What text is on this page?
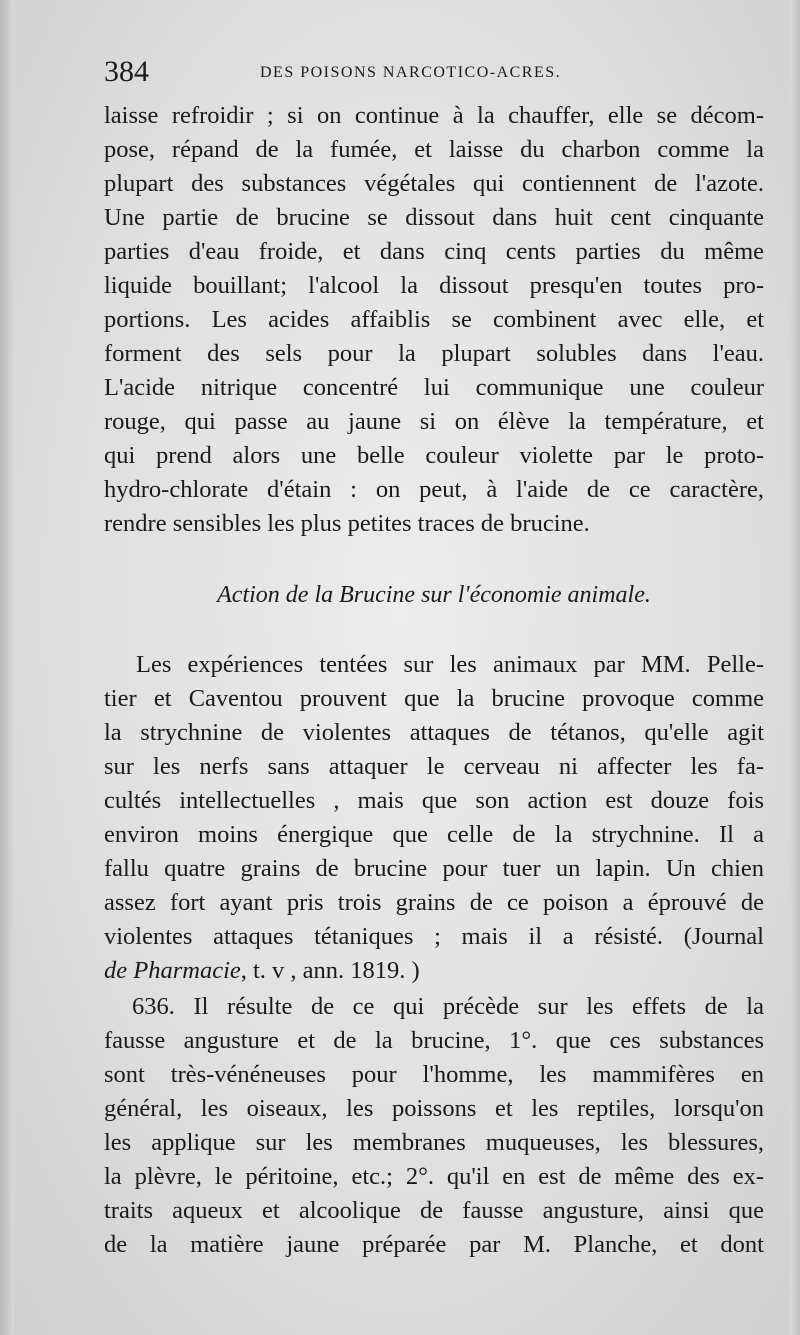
384	DES POISONS NARCOTICO-ACRES.
laisse refroidir ; si on continue à la chauffer, elle se décom-
pose, répand de la fumée, et laisse du charbon comme la
plupart des substances végétales qui contiennent de l'azote.
Une partie de brucine se dissout dans huit cent cinquante
parties d'eau froide, et dans cinq cents parties du même
liquide bouillant; l'alcool la dissout presqu'en toutes pro-
portions. Les acides affaiblis se combinent avec elle, et
forment des sels pour la plupart solubles dans l'eau.
L'acide nitrique concentré lui communique une couleur
rouge, qui passe au jaune si on élève la température, et
qui prend alors une belle couleur violette par le proto-
hydro-chlorate d'étain : on peut, à l'aide de ce caractère,
rendre sensibles les plus petites traces de brucine.
Action de la Brucine sur l'économie animale.
Les expériences tentées sur les animaux par MM. Pelle-
tier et Caventou prouvent que la brucine provoque comme
la strychnine de violentes attaques de tétanos, qu'elle agit
sur les nerfs sans attaquer le cerveau ni affecter les fa-
cultés intellectuelles , mais que son action est douze fois
environ moins énergique que celle de la strychnine. Il a
fallu quatre grains de brucine pour tuer un lapin. Un chien
assez fort ayant pris trois grains de ce poison a éprouvé de
violentes attaques tétaniques ; mais il a résisté. (Journal
de Pharmacie, t. v , ann. 1819. )
636. Il résulte de ce qui précède sur les effets de la
fausse angusture et de la brucine, 1°. que ces substances
sont très-vénéneuses pour l'homme, les mammifères en
général, les oiseaux, les poissons et les reptiles, lorsqu'on
les applique sur les membranes muqueuses, les blessures,
la plèvre, le péritoine, etc.; 2°. qu'il en est de même des ex-
traits aqueux et alcoolique de fausse angusture, ainsi que
de la matière jaune préparée par M. Planche, et dont
